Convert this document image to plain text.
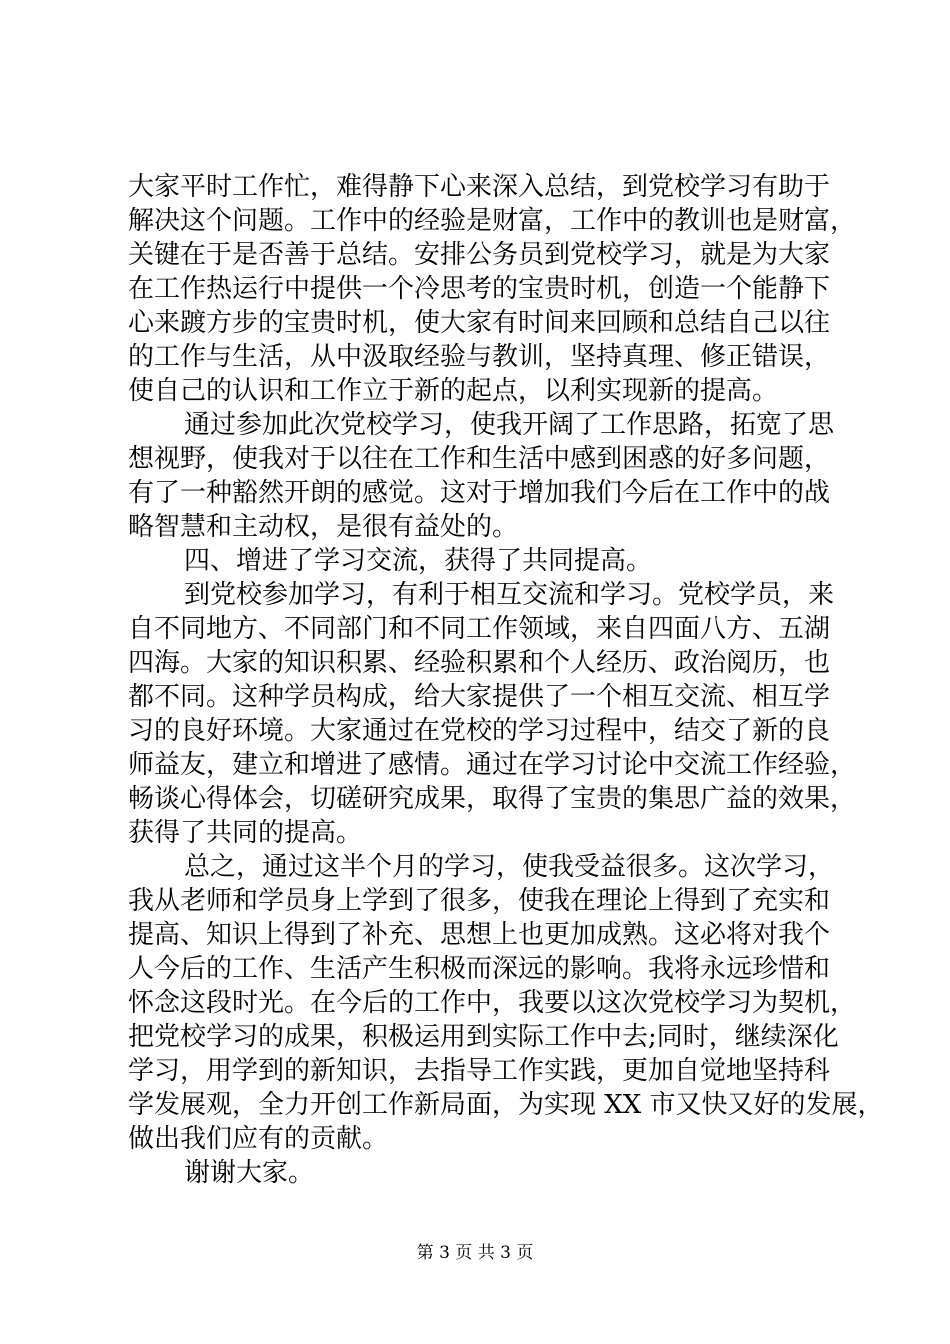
大家平时工作忙，难得静下心来深入总结，到党校学习有助于
解决这个问题。工作中的经验是财富，工作中的教训也是财富，
关键在于是否善于总结。安排公务员到党校学习，就是为大家
在工作热运行中提供一个冷思考的宝贵时机，创造一个能静下
心来踱方步的宝贵时机，使大家有时间来回顾和总结自己以往
的工作与生活，从中汲取经验与教训，坚持真理、修正错误，
使自己的认识和工作立于新的起点，以利实现新的提高。
通过参加此次党校学习，使我开阔了工作思路，拓宽了思
想视野，使我对于以往在工作和生活中感到困惑的好多问题，
有了一种豁然开朗的感觉。这对于增加我们今后在工作中的战
略智慧和主动权，是很有益处的。
四、增进了学习交流，获得了共同提高。
到党校参加学习，有利于相互交流和学习。党校学员，来
自不同地方、不同部门和不同工作领域，来自四面八方、五湖
四海。大家的知识积累、经验积累和个人经历、政治阅历，也
都不同。这种学员构成，给大家提供了一个相互交流、相互学
习的良好环境。大家通过在党校的学习过程中，结交了新的良
师益友，建立和增进了感情。通过在学习讨论中交流工作经验，
畅谈心得体会，切磋研究成果，取得了宝贵的集思广益的效果，
获得了共同的提高。
总之，通过这半个月的学习，使我受益很多。这次学习，
我从老师和学员身上学到了很多，使我在理论上得到了充实和
提高、知识上得到了补充、思想上也更加成熟。这必将对我个
人今后的工作、生活产生积极而深远的影响。我将永远珍惜和
怀念这段时光。在今后的工作中，我要以这次党校学习为契机，
把党校学习的成果，积极运用到实际工作中去;同时，继续深化
学习，用学到的新知识，去指导工作实践，更加自觉地坚持科
学发展观，全力开创工作新局面，为实现 XX 市又快又好的发展，
做出我们应有的贡献。
谢谢大家。
第 3 页 共 3 页
